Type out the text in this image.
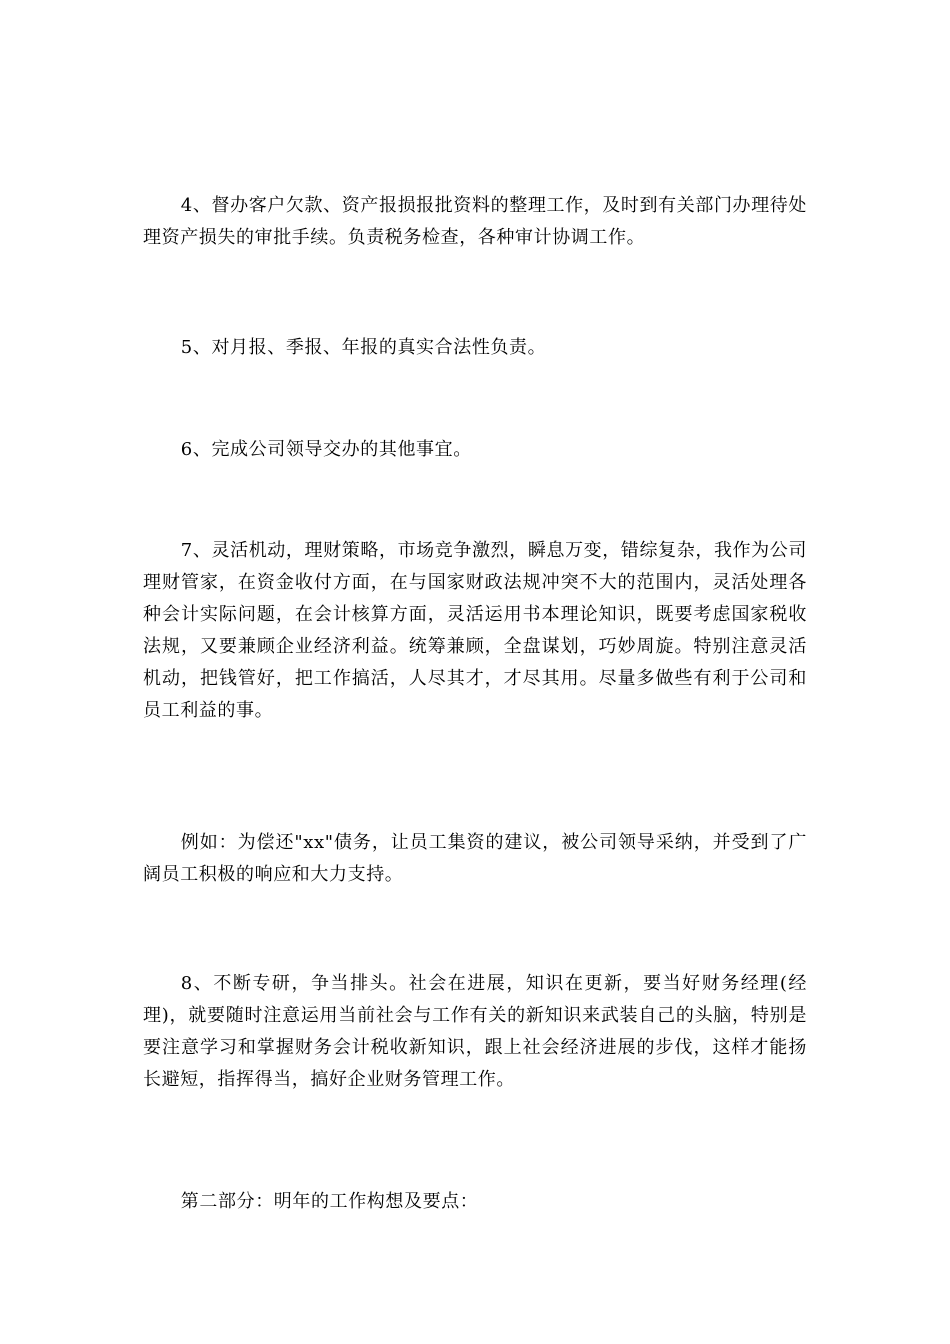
4、督办客户欠款、资产报损报批资料的整理工作，及时到有关部门办理待处理资产损失的审批手续。负责税务检查，各种审计协调工作。

5、对月报、季报、年报的真实合法性负责。

6、完成公司领导交办的其他事宜。

7、灵活机动，理财策略，市场竞争激烈，瞬息万变，错综复杂，我作为公司理财管家，在资金收付方面，在与国家财政法规冲突不大的范围内，灵活处理各种会计实际问题，在会计核算方面，灵活运用书本理论知识，既要考虑国家税收法规，又要兼顾企业经济利益。统筹兼顾，全盘谋划，巧妙周旋。特别注意灵活机动，把钱管好，把工作搞活，人尽其才，才尽其用。尽量多做些有利于公司和员工利益的事。

例如：为偿还"xx"债务，让员工集资的建议，被公司领导采纳，并受到了广阔员工积极的响应和大力支持。

8、不断专研，争当排头。社会在进展，知识在更新，要当好财务经理(经理)，就要随时注意运用当前社会与工作有关的新知识来武装自己的头脑，特别是要注意学习和掌握财务会计税收新知识，跟上社会经济进展的步伐，这样才能扬长避短，指挥得当，搞好企业财务管理工作。

第二部分：明年的工作构想及要点：
